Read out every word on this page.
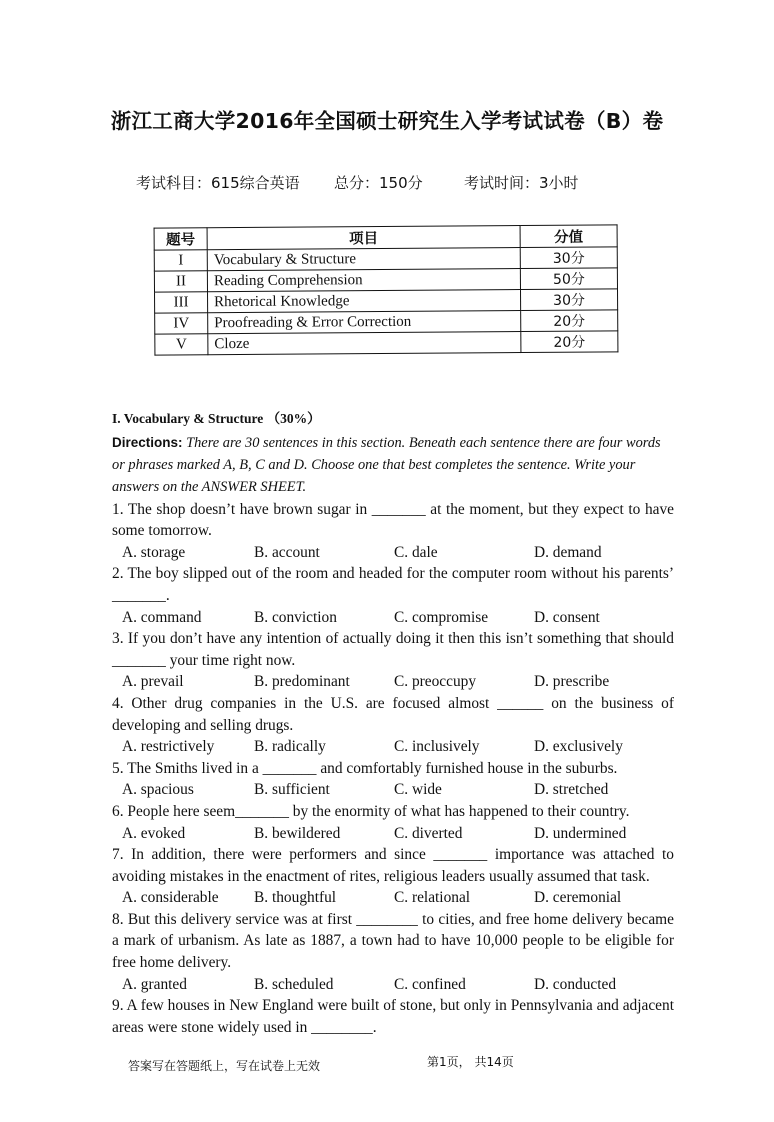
浙江工商大学2016年全国硕士研究生入学考试试卷（B）卷
考试科目：615综合英语 总分：150分	考试时间：3小时
题号	项目	分值
I	Vocabulary & Structure	30分
II	Reading Comprehension	50分
III	Rhetorical Knowledge	30分
IV	Proofreading & Error Correction	20分
V	Cloze	20分
I. Vocabulary & Structure （30%）
Directions: There are 30 sentences in this section. Beneath each sentence there are four words or phrases marked A, B, C and D. Choose one that best completes the sentence. Write your answers on the ANSWER SHEET.

1. The shop doesn’t have brown sugar in _______ at the moment, but they expect to have some tomorrow.

A. storage	B. account	C. dale	D. demand

2. The boy slipped out of the room and headed for the computer room without his parents’ _______.

A. command	B. conviction	C. compromise	D. consent

3. If you don’t have any intention of actually doing it then this isn’t something that should _______ your time right now.

A. prevail	B. predominant	C. preoccupy	D. prescribe

4. Other drug companies in the U.S. are focused almost ______ on the business of developing and selling drugs.

A. restrictively	B. radically	C. inclusively	D. exclusively

5. The Smiths lived in a _______ and comfortably furnished house in the suburbs.

A. spacious	B. sufficient	C. wide	D. stretched

6. People here seem_______ by the enormity of what has happened to their country.

A. evoked	B. bewildered	C. diverted	D. undermined

7. In addition, there were performers and since _______ importance was attached to avoiding mistakes in the enactment of rites, religious leaders usually assumed that task.

A. considerable	B. thoughtful	C. relational	D. ceremonial

8. But this delivery service was at first ________ to cities, and free home delivery became a mark of urbanism. As late as 1887, a town had to have 10,000 people to be eligible for free home delivery.

A. granted	B. scheduled	C. confined	D. conducted

9. A few houses in New England were built of stone, but only in Pennsylvania and adjacent areas were stone widely used in ________.

答案写在答题纸上，写在试卷上无效	第1页， 共14页
